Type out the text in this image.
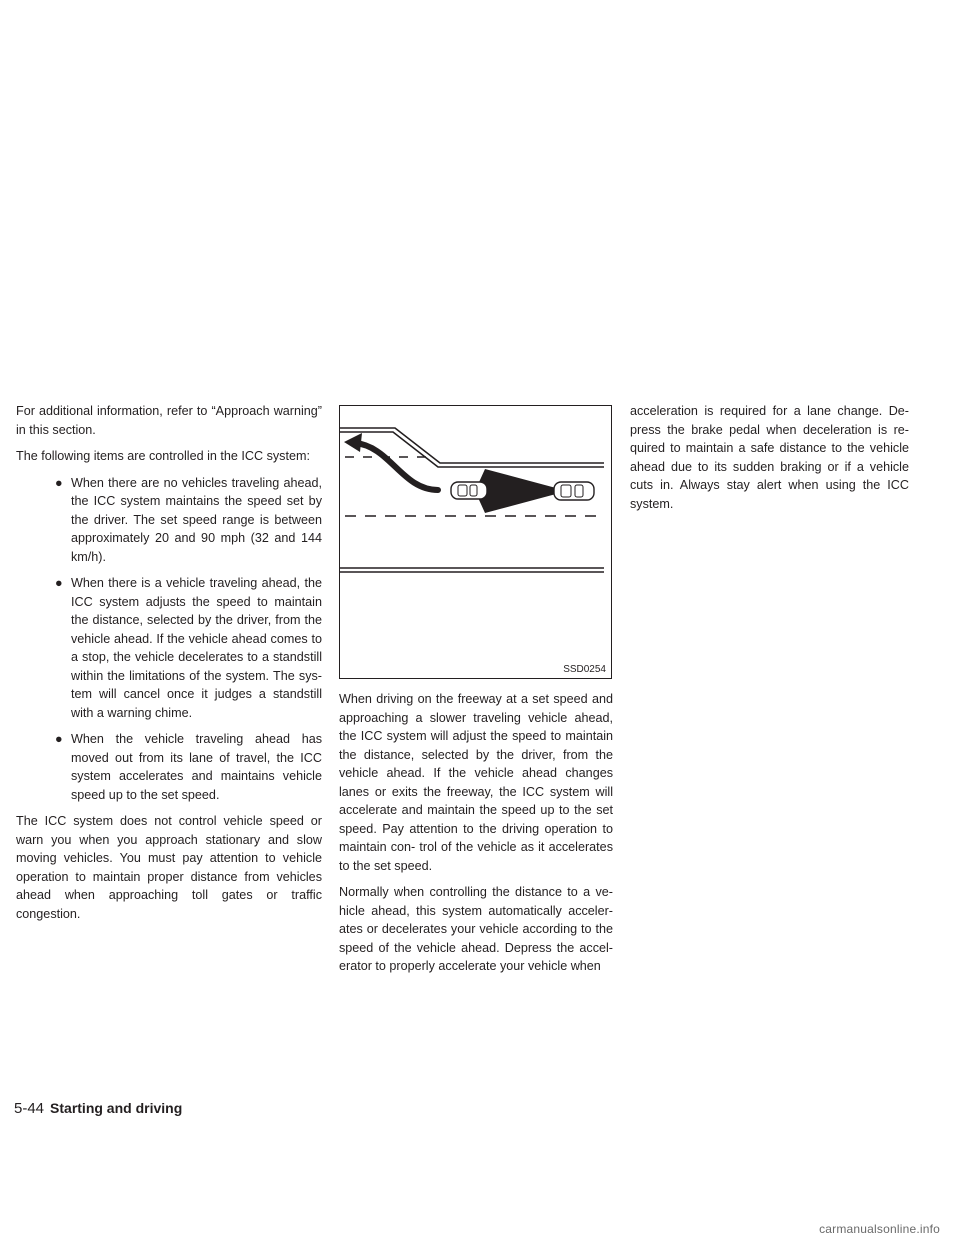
For additional information, refer to “Approach warning” in this section.

The following items are controlled in the ICC system:

● When there are no vehicles traveling ahead, the ICC system maintains the speed set by the driver. The set speed range is between approximately 20 and 90 mph (32 and 144 km/h).
● When there is a vehicle traveling ahead, the ICC system adjusts the speed to maintain the distance, selected by the driver, from the vehicle ahead. If the vehicle ahead comes to a stop, the vehicle decelerates to a standstill within the limitations of the system. The sys- tem will cancel once it judges a standstill with a warning chime.
● When the vehicle traveling ahead has moved out from its lane of travel, the ICC system accelerates and maintains vehicle speed up to the set speed.

The ICC system does not control vehicle speed or warn you when you approach stationary and slow moving vehicles. You must pay attention to vehicle operation to maintain proper distance from vehicles ahead when approaching toll gates or traffic congestion.

SSD0254

When driving on the freeway at a set speed and approaching a slower traveling vehicle ahead, the ICC system will adjust the speed to maintain the distance, selected by the driver, from the vehicle ahead. If the vehicle ahead changes lanes or exits the freeway, the ICC system will accelerate and maintain the speed up to the set speed. Pay attention to the driving operation to maintain con- trol of the vehicle as it accelerates to the set speed.

Normally when controlling the distance to a ve- hicle ahead, this system automatically acceler- ates or decelerates your vehicle according to the speed of the vehicle ahead. Depress the accel- erator to properly accelerate your vehicle when

acceleration is required for a lane change. De- press the brake pedal when deceleration is re- quired to maintain a safe distance to the vehicle ahead due to its sudden braking or if a vehicle cuts in. Always stay alert when using the ICC system.

5-44 Starting and driving
carmanualsonline.info
